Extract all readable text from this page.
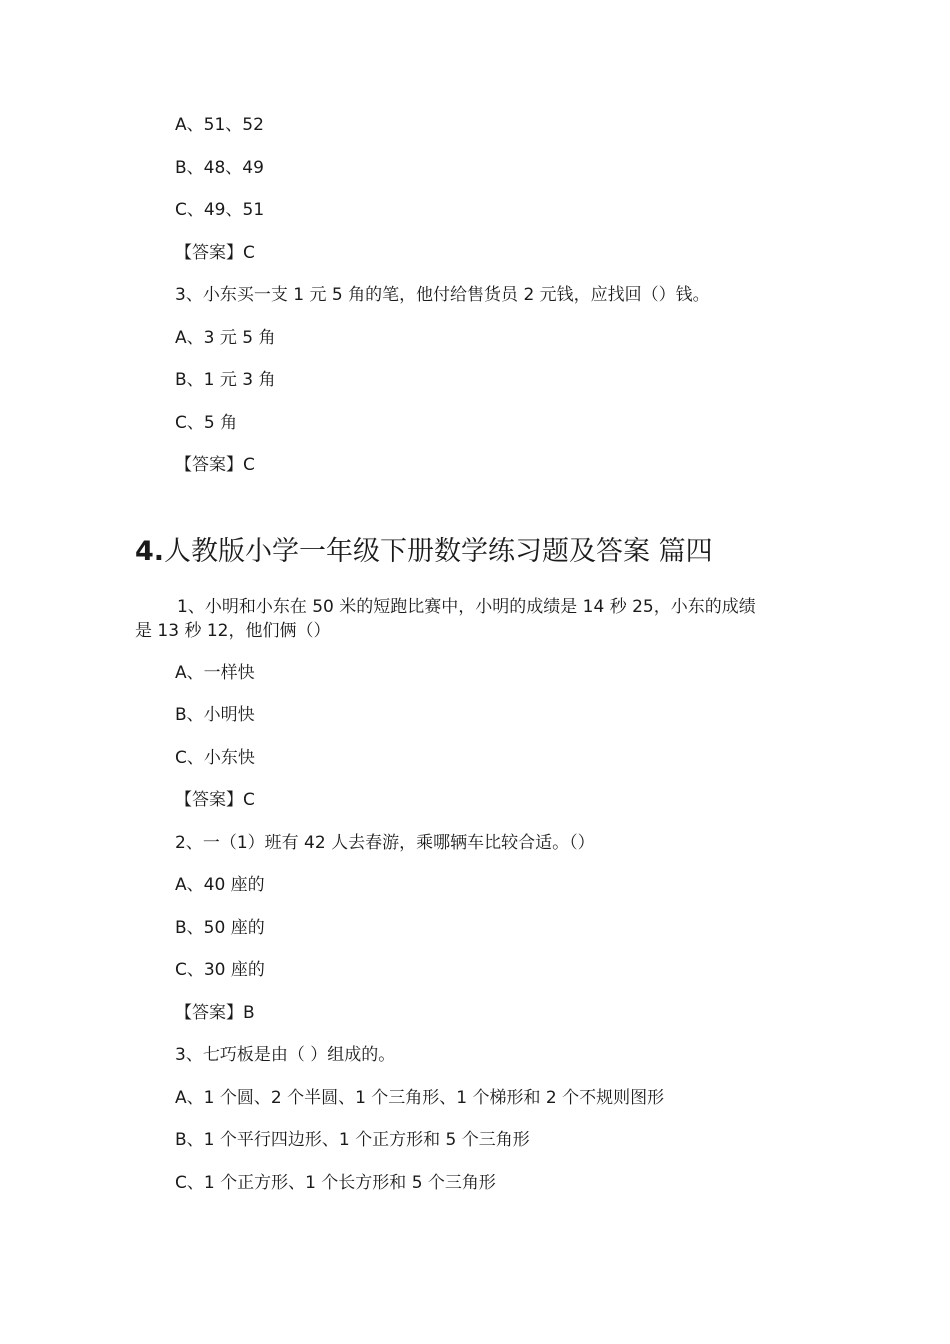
A、51、52
B、48、49
C、49、51
【答案】C
3、小东买一支 1 元 5 角的笔，他付给售货员 2 元钱，应找回（）钱。
A、3 元 5 角
B、1 元 3 角
C、5 角
【答案】C
4.人教版小学一年级下册数学练习题及答案 篇四
1、小明和小东在 50 米的短跑比赛中，小明的成绩是 14 秒 25，小东的成绩
是 13 秒 12，他们俩（）
A、一样快
B、小明快
C、小东快
【答案】C
2、一（1）班有 42 人去春游，乘哪辆车比较合适。（）
A、40 座的
B、50 座的
C、30 座的
【答案】B
3、七巧板是由（ ）组成的。
A、1 个圆、2 个半圆、1 个三角形、1 个梯形和 2 个不规则图形
B、1 个平行四边形、1 个正方形和 5 个三角形
C、1 个正方形、1 个长方形和 5 个三角形
